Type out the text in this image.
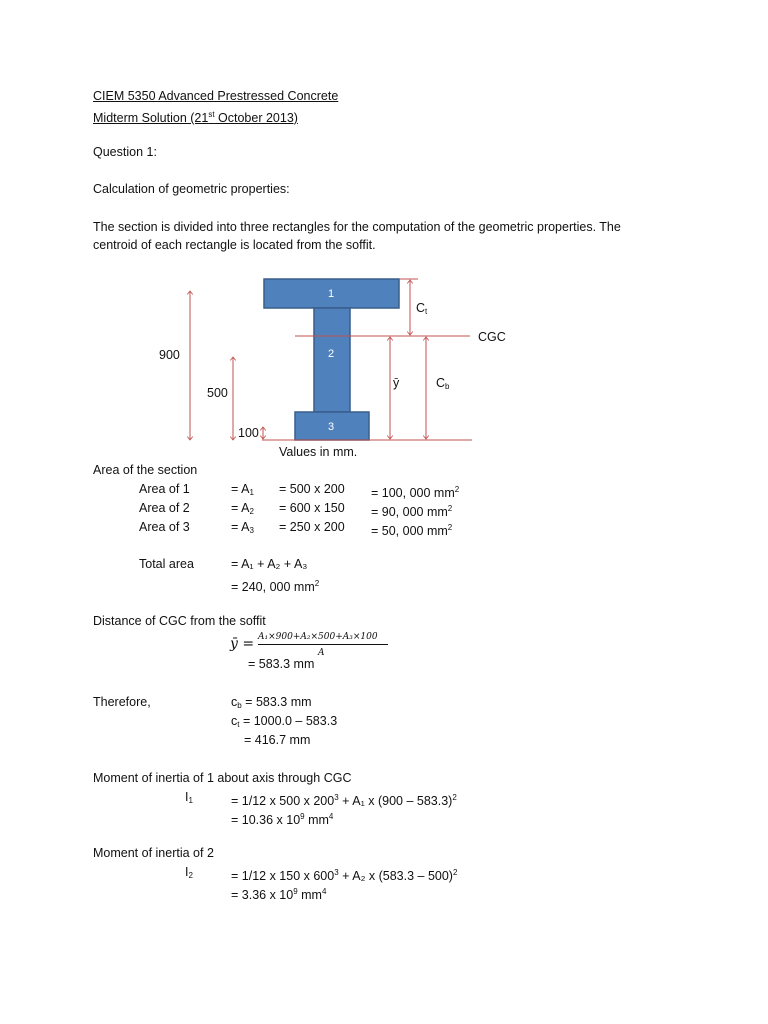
CIEM 5350 Advanced Prestressed Concrete
Midterm Solution (21st October 2013)
Question 1:
Calculation of geometric properties:
The section is divided into three rectangles for the computation of the geometric properties. The
centroid of each rectangle is located from the soffit.
1
2
3
900
500
100
Ct
ȳ	Cb
CGC
Values in mm.
Area of the section
Area of 1	= $A_1 = 500$ x 200 = 100, 000 $mm^2$
Area of 2	= $A_2 = 600$ x 150 = 90, 000 $mm^2$
Area of 3	= $A_3 = 250$ x 200 = 50, 000 $mm^2$
Total area	= A₁ + A₂ + A₃
= 240, 000 $mm^2$
Distance of CGC from the soffit
ȳ = A₁×900+A₂×500+A₃×100
A
= 583.3 mm
Therefore,	$c_b = 583.3$ mm
$c_t = 1000.0 - 583.3$
= 416.7 mm
Moment of inertia of 1 about axis through CGC
$I_1$	= 1/12 x 500 x $200^3 + A_1$ x (900 – 583.3)$^2$
= 10.36 x $10^9$ $mm^4$
Moment of inertia of 2
$I_2$	= 1/12 x 150 x $600^3 + A_2$ x (583.3 – 500)$^2$
= 3.36 x $10^9$ $mm^4$
